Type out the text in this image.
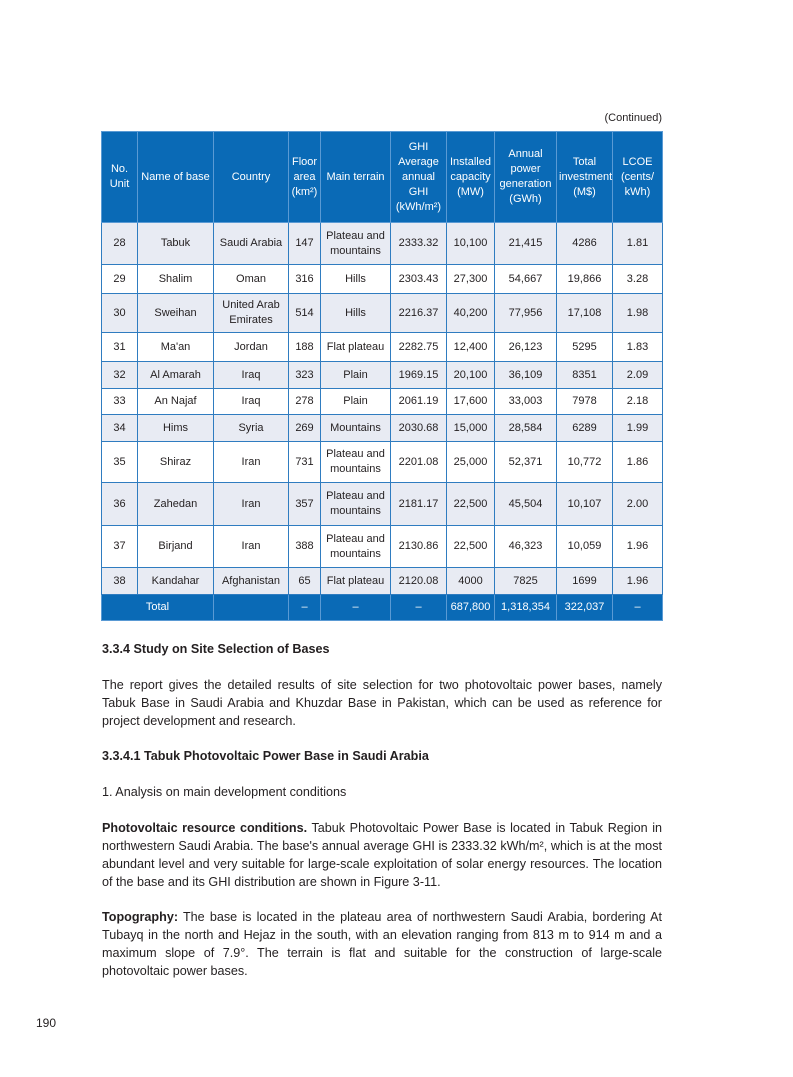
(Continued)
No. Unit	Name of base	Country	Floor area (km²)	Main terrain	GHI Average annual GHI (kWh/m²)	Installed capacity (MW)	Annual power generation (GWh)	Total investment (M$)	LCOE (cents/ kWh)
28	Tabuk	Saudi Arabia	147	Plateau and mountains	2333.32	10,100	21,415	4286	1.81
29	Shalim	Oman	316	Hills	2303.43	27,300	54,667	19,866	3.28
30	Sweihan	United Arab Emirates	514	Hills	2216.37	40,200	77,956	17,108	1.98
31	Ma'an	Jordan	188	Flat plateau	2282.75	12,400	26,123	5295	1.83
32	Al Amarah	Iraq	323	Plain	1969.15	20,100	36,109	8351	2.09
33	An Najaf	Iraq	278	Plain	2061.19	17,600	33,003	7978	2.18
34	Hims	Syria	269	Mountains	2030.68	15,000	28,584	6289	1.99
35	Shiraz	Iran	731	Plateau and mountains	2201.08	25,000	52,371	10,772	1.86
36	Zahedan	Iran	357	Plateau and mountains	2181.17	22,500	45,504	10,107	2.00
37	Birjand	Iran	388	Plateau and mountains	2130.86	22,500	46,323	10,059	1.96
38	Kandahar	Afghanistan	65	Flat plateau	2120.08	4000	7825	1699	1.96
Total			–	–	–	687,800	1,318,354	322,037	–
3.3.4 Study on Site Selection of Bases
The report gives the detailed results of site selection for two photovoltaic power bases, namely Tabuk Base in Saudi Arabia and Khuzdar Base in Pakistan, which can be used as reference for project development and research.
3.3.4.1 Tabuk Photovoltaic Power Base in Saudi Arabia
1. Analysis on main development conditions
Photovoltaic resource conditions. Tabuk Photovoltaic Power Base is located in Tabuk Region in northwestern Saudi Arabia. The base's annual average GHI is 2333.32 kWh/m², which is at the most abundant level and very suitable for large-scale exploitation of solar energy resources. The location of the base and its GHI distribution are shown in Figure 3-11.
Topography: The base is located in the plateau area of northwestern Saudi Arabia, bordering At Tubayq in the north and Hejaz in the south, with an elevation ranging from 813 m to 914 m and a maximum slope of 7.9°. The terrain is flat and suitable for the construction of large-scale photovoltaic power bases.
190
